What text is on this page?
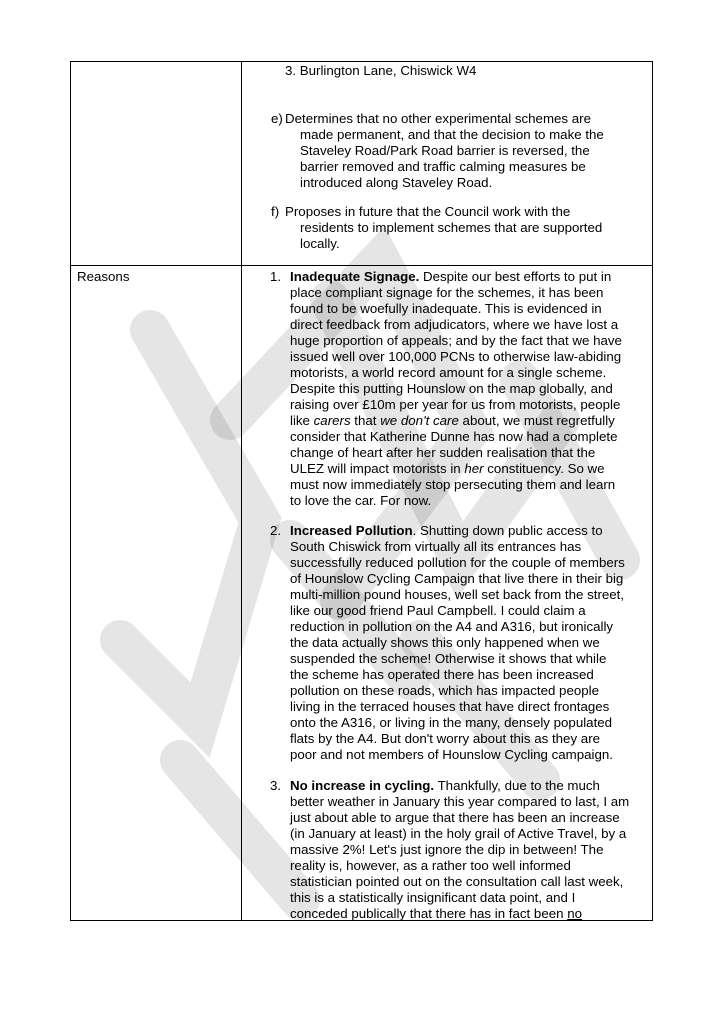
Reasons
3. Burlington Lane, Chiswick W4
e) Determines that no other experimental schemes are
made permanent, and that the decision to make the
Staveley Road/Park Road barrier is reversed, the
barrier removed and traffic calming measures be
introduced along Staveley Road.
f) Proposes in future that the Council work with the
residents to implement schemes that are supported
locally.
1. Inadequate Signage. Despite our best efforts to put in
place compliant signage for the schemes, it has been
found to be woefully inadequate. This is evidenced in
direct feedback from adjudicators, where we have lost a
huge proportion of appeals; and by the fact that we have
issued well over 100,000 PCNs to otherwise law-abiding
motorists, a world record amount for a single scheme.
Despite this putting Hounslow on the map globally, and
raising over £10m per year for us from motorists, people
like carers that we don't care about, we must regretfully
consider that Katherine Dunne has now had a complete
change of heart after her sudden realisation that the
ULEZ will impact motorists in her constituency. So we
must now immediately stop persecuting them and learn
to love the car. For now.
2. Increased Pollution. Shutting down public access to
South Chiswick from virtually all its entrances has
successfully reduced pollution for the couple of members
of Hounslow Cycling Campaign that live there in their big
multi-million pound houses, well set back from the street,
like our good friend Paul Campbell. I could claim a
reduction in pollution on the A4 and A316, but ironically
the data actually shows this only happened when we
suspended the scheme! Otherwise it shows that while
the scheme has operated there has been increased
pollution on these roads, which has impacted people
living in the terraced houses that have direct frontages
onto the A316, or living in the many, densely populated
flats by the A4. But don't worry about this as they are
poor and not members of Hounslow Cycling campaign.
3. No increase in cycling. Thankfully, due to the much
better weather in January this year compared to last, I am
just about able to argue that there has been an increase
(in January at least) in the holy grail of Active Travel, by a
massive 2%! Let's just ignore the dip in between! The
reality is, however, as a rather too well informed
statistician pointed out on the consultation call last week,
this is a statistically insignificant data point, and I
conceded publically that there has in fact been no
